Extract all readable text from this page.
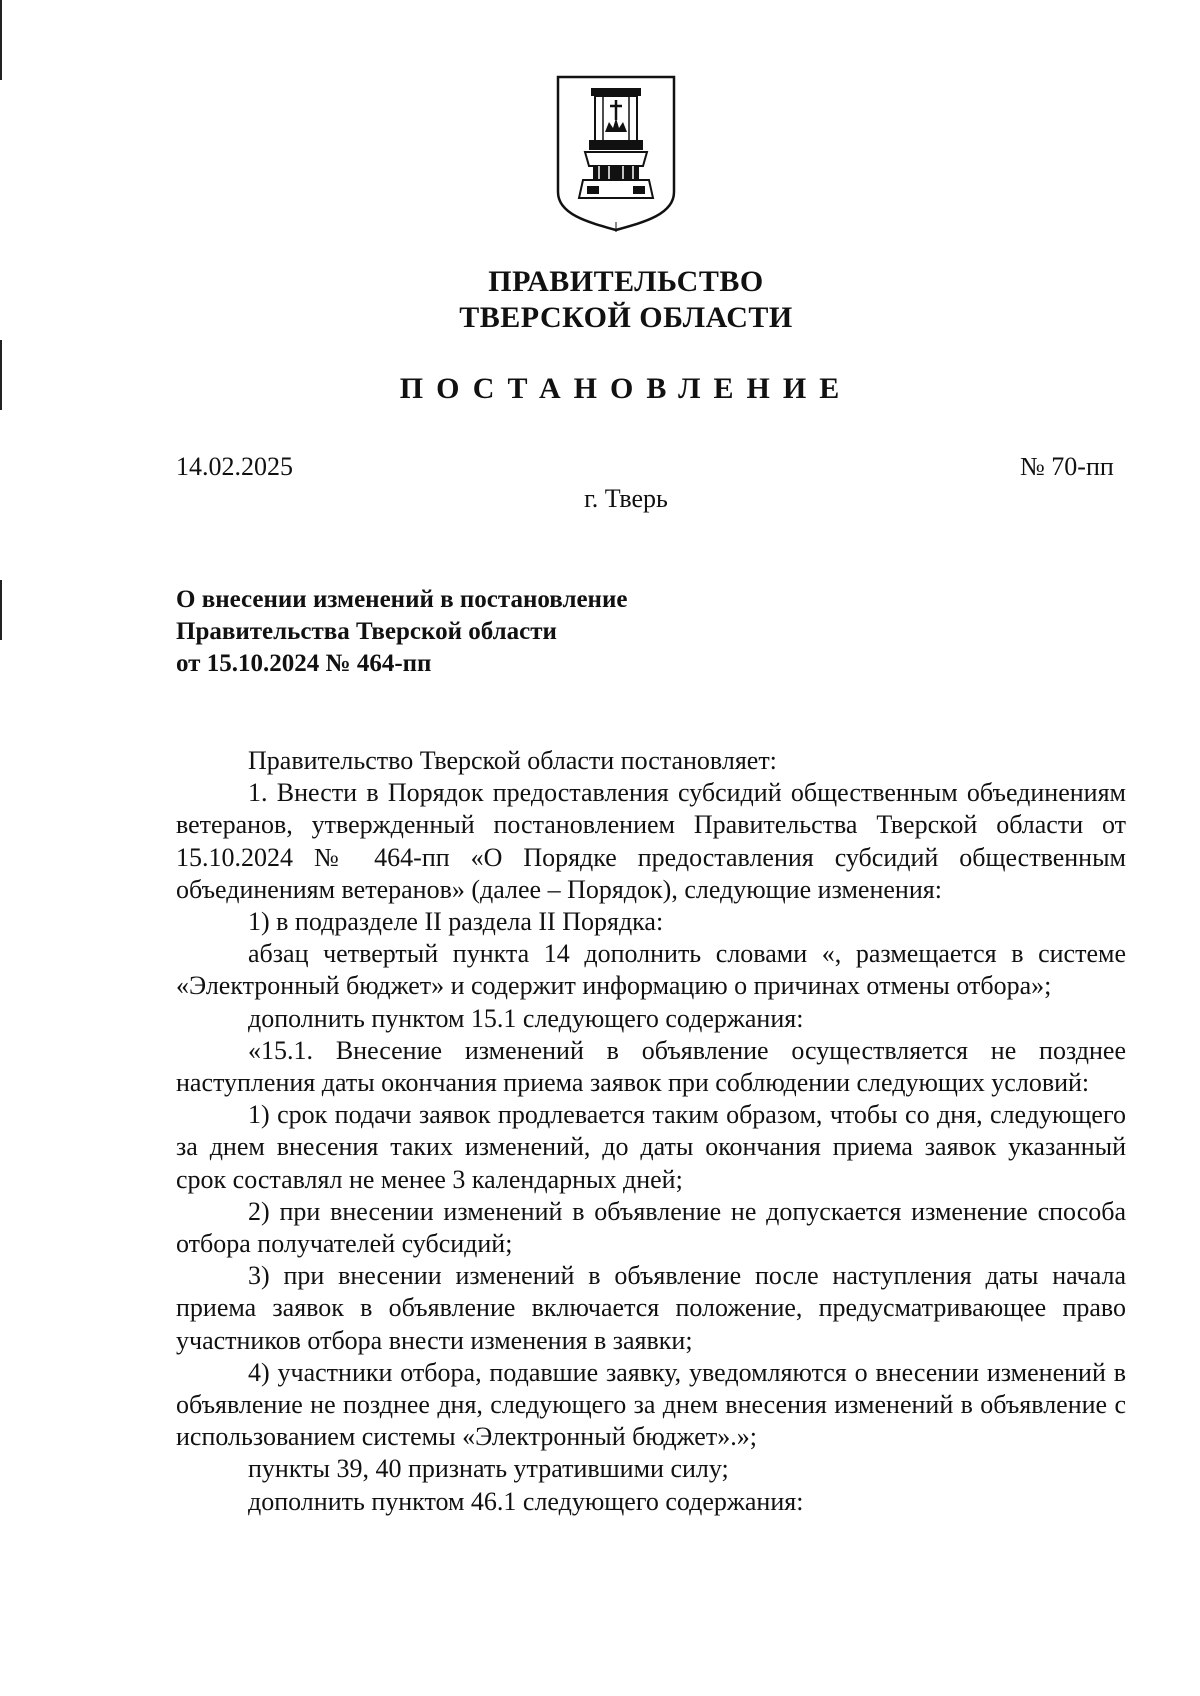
ПРАВИТЕЛЬСТВО
ТВЕРСКОЙ ОБЛАСТИ
ПОСТАНОВЛЕНИЕ
14.02.2025	№ 70-пп
г. Тверь
О внесении изменений в постановление
Правительства Тверской области
от 15.10.2024 № 464-пп

Правительство Тверской области постановляет:

1. Внести в Порядок предоставления субсидий общественным объединениям ветеранов, утвержденный постановлением Правительства Тверской области от 15.10.2024 № 464-пп «О Порядке предоставления субсидий общественным объединениям ветеранов» (далее – Порядок), следующие изменения:

1) в подразделе II раздела II Порядка:

абзац четвертый пункта 14 дополнить словами «, размещается в системе «Электронный бюджет» и содержит информацию о причинах отмены отбора»;

дополнить пунктом 15.1 следующего содержания:

«15.1. Внесение изменений в объявление осуществляется не позднее наступления даты окончания приема заявок при соблюдении следующих условий:

1) срок подачи заявок продлевается таким образом, чтобы со дня, следующего за днем внесения таких изменений, до даты окончания приема заявок указанный срок составлял не менее 3 календарных дней;

2) при внесении изменений в объявление не допускается изменение способа отбора получателей субсидий;

3) при внесении изменений в объявление после наступления даты начала приема заявок в объявление включается положение, предусматривающее право участников отбора внести изменения в заявки;

4) участники отбора, подавшие заявку, уведомляются о внесении изменений в объявление не позднее дня, следующего за днем внесения изменений в объявление с использованием системы «Электронный бюджет».»;

пункты 39, 40 признать утратившими силу;

дополнить пунктом 46.1 следующего содержания:
